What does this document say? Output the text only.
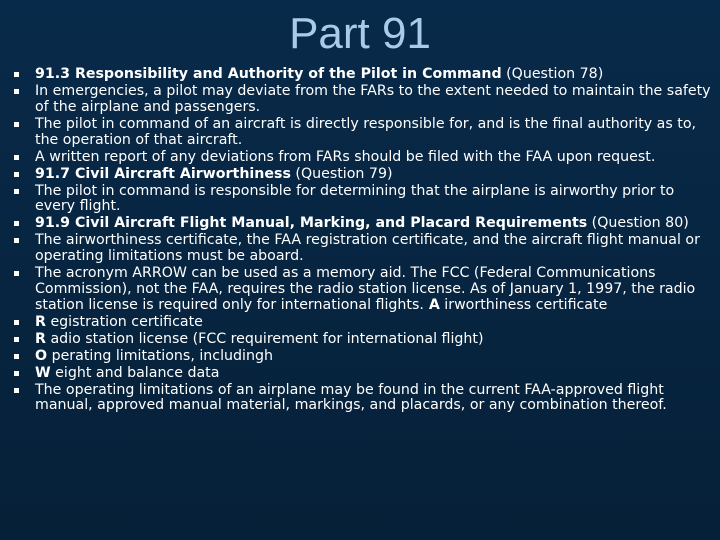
Part 91
91.3 Responsibility and Authority of the Pilot in Command (Question 78)
In emergencies, a pilot may deviate from the FARs to the extent needed to maintain the safety of the airplane and passengers.
The pilot in command of an aircraft is directly responsible for, and is the final authority as to, the operation of that aircraft.
A written report of any deviations from FARs should be filed with the FAA upon request.
91.7 Civil Aircraft Airworthiness (Question 79)
The pilot in command is responsible for determining that the airplane is airworthy prior to every flight.
91.9 Civil Aircraft Flight Manual, Marking, and Placard Requirements (Question 80)
The airworthiness certificate, the FAA registration certificate, and the aircraft flight manual or operating limitations must be aboard.
The acronym ARROW can be used as a memory aid. The FCC (Federal Communications Commission), not the FAA, requires the radio station license. As of January 1, 1997, the radio station license is required only for international flights. A irworthiness certificate
R egistration certificate
R adio station license (FCC requirement for international flight)
O perating limitations, includingh
W eight and balance data
The operating limitations of an airplane may be found in the current FAA-approved flight manual, approved manual material, markings, and placards, or any combination thereof.
